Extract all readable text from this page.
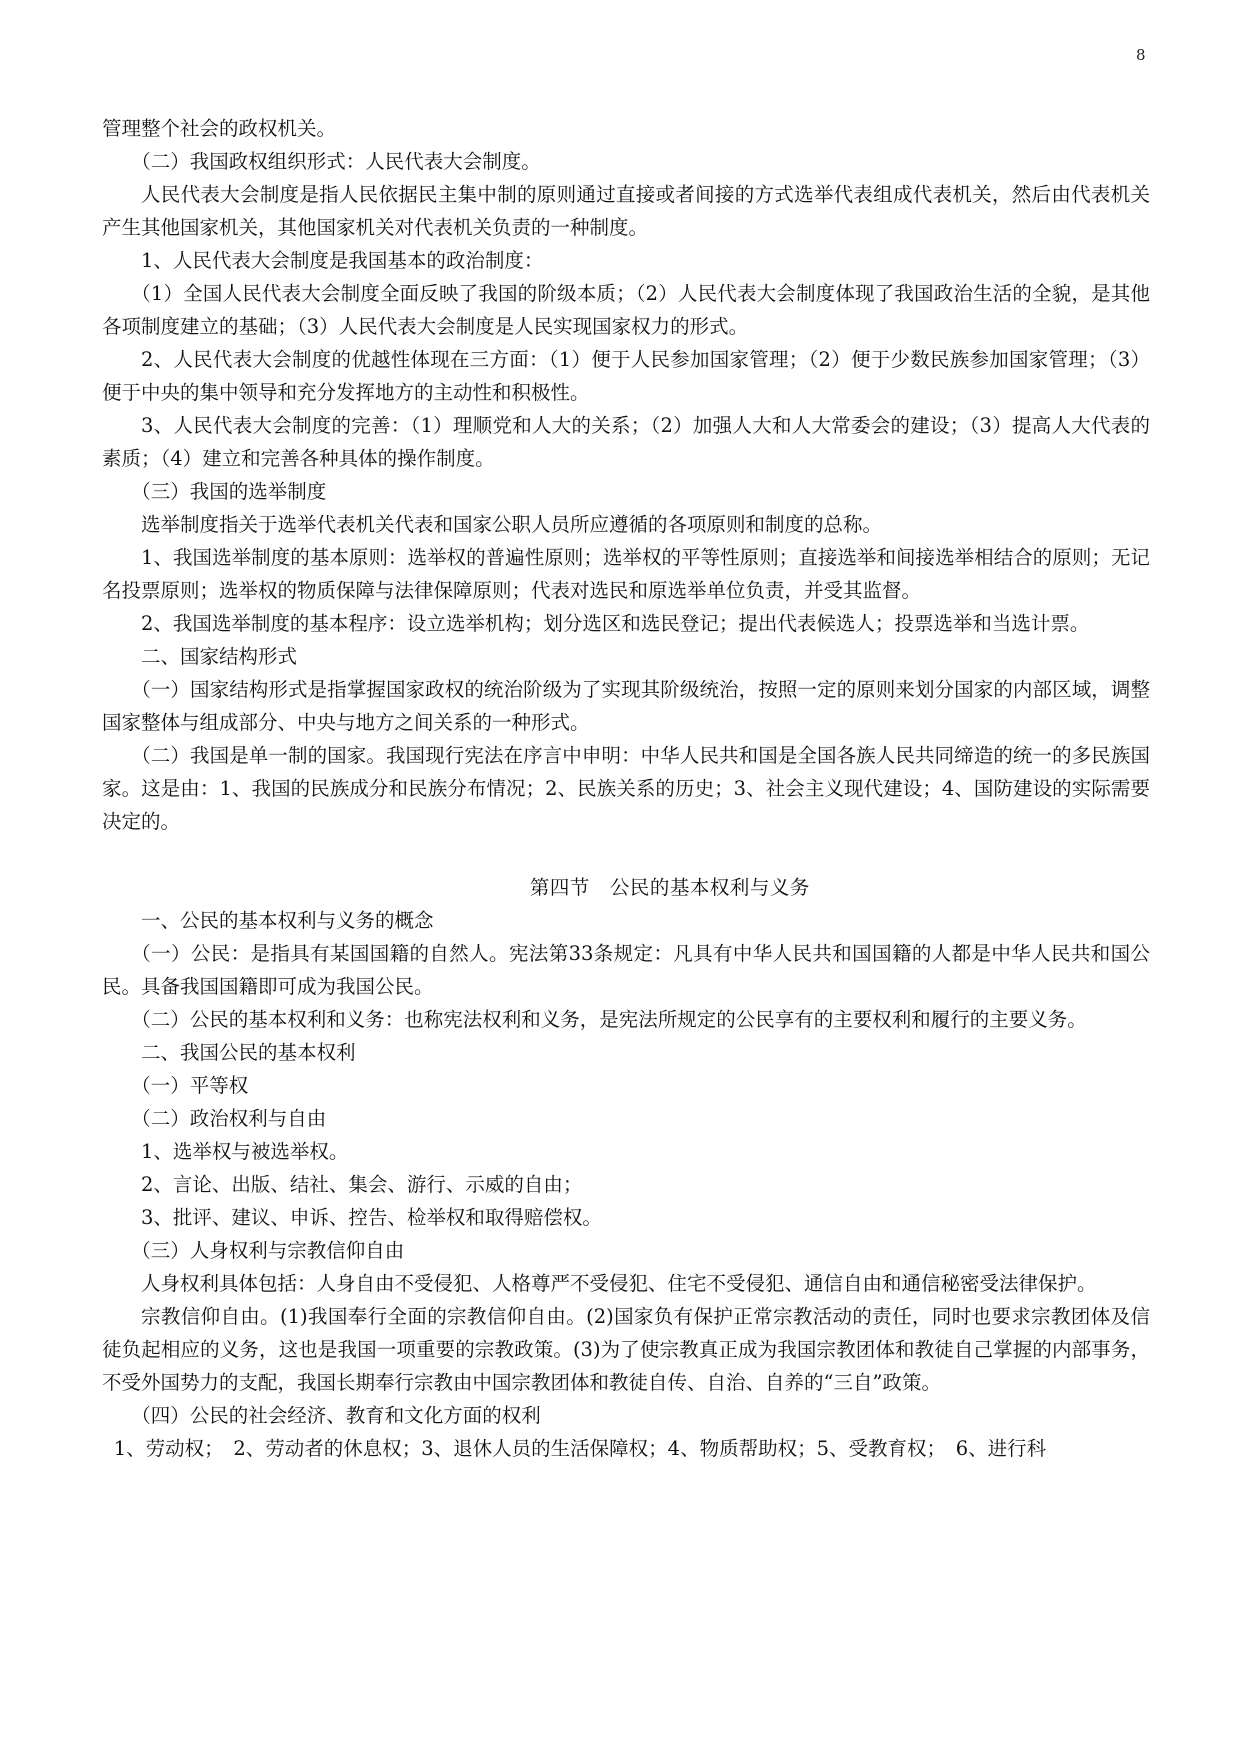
8

管理整个社会的政权机关。

（二）我国政权组织形式：人民代表大会制度。

人民代表大会制度是指人民依据民主集中制的原则通过直接或者间接的方式选举代表组成代表机关，然后由代表机关产生其他国家机关，其他国家机关对代表机关负责的一种制度。

1、人民代表大会制度是我国基本的政治制度：

（1）全国人民代表大会制度全面反映了我国的阶级本质；（2）人民代表大会制度体现了我国政治生活的全貌，是其他各项制度建立的基础；（3）人民代表大会制度是人民实现国家权力的形式。

2、人民代表大会制度的优越性体现在三方面：（1）便于人民参加国家管理；（2）便于少数民族参加国家管理；（3）便于中央的集中领导和充分发挥地方的主动性和积极性。

3、人民代表大会制度的完善：（1）理顺党和人大的关系；（2）加强人大和人大常委会的建设；（3）提高人大代表的素质；（4）建立和完善各种具体的操作制度。

（三）我国的选举制度

选举制度指关于选举代表机关代表和国家公职人员所应遵循的各项原则和制度的总称。

1、我国选举制度的基本原则：选举权的普遍性原则；选举权的平等性原则；直接选举和间接选举相结合的原则；无记名投票原则；选举权的物质保障与法律保障原则；代表对选民和原选举单位负责，并受其监督。

2、我国选举制度的基本程序：设立选举机构；划分选区和选民登记；提出代表候选人；投票选举和当选计票。

二、国家结构形式

（一）国家结构形式是指掌握国家政权的统治阶级为了实现其阶级统治，按照一定的原则来划分国家的内部区域，调整国家整体与组成部分、中央与地方之间关系的一种形式。

（二）我国是单一制的国家。我国现行宪法在序言中申明：中华人民共和国是全国各族人民共同缔造的统一的多民族国家。这是由：1、我国的民族成分和民族分布情况；2、民族关系的历史；3、社会主义现代建设；4、国防建设的实际需要决定的。

第四节　公民的基本权利与义务

一、公民的基本权利与义务的概念

（一）公民：是指具有某国国籍的自然人。宪法第33条规定：凡具有中华人民共和国国籍的人都是中华人民共和国公民。具备我国国籍即可成为我国公民。

（二）公民的基本权利和义务：也称宪法权利和义务，是宪法所规定的公民享有的主要权利和履行的主要义务。

二、我国公民的基本权利

（一）平等权

（二）政治权利与自由

1、选举权与被选举权。

2、言论、出版、结社、集会、游行、示威的自由；

3、批评、建议、申诉、控告、检举权和取得赔偿权。

（三）人身权利与宗教信仰自由

人身权利具体包括：人身自由不受侵犯、人格尊严不受侵犯、住宅不受侵犯、通信自由和通信秘密受法律保护。

宗教信仰自由。(1)我国奉行全面的宗教信仰自由。(2)国家负有保护正常宗教活动的责任，同时也要求宗教团体及信徒负起相应的义务，这也是我国一项重要的宗教政策。(3)为了使宗教真正成为我国宗教团体和教徒自己掌握的内部事务，不受外国势力的支配，我国长期奉行宗教由中国宗教团体和教徒自传、自治、自养的“三自”政策。

（四）公民的社会经济、教育和文化方面的权利

1、劳动权；　2、劳动者的休息权；3、退休人员的生活保障权；4、物质帮助权；5、受教育权；　6、进行科
